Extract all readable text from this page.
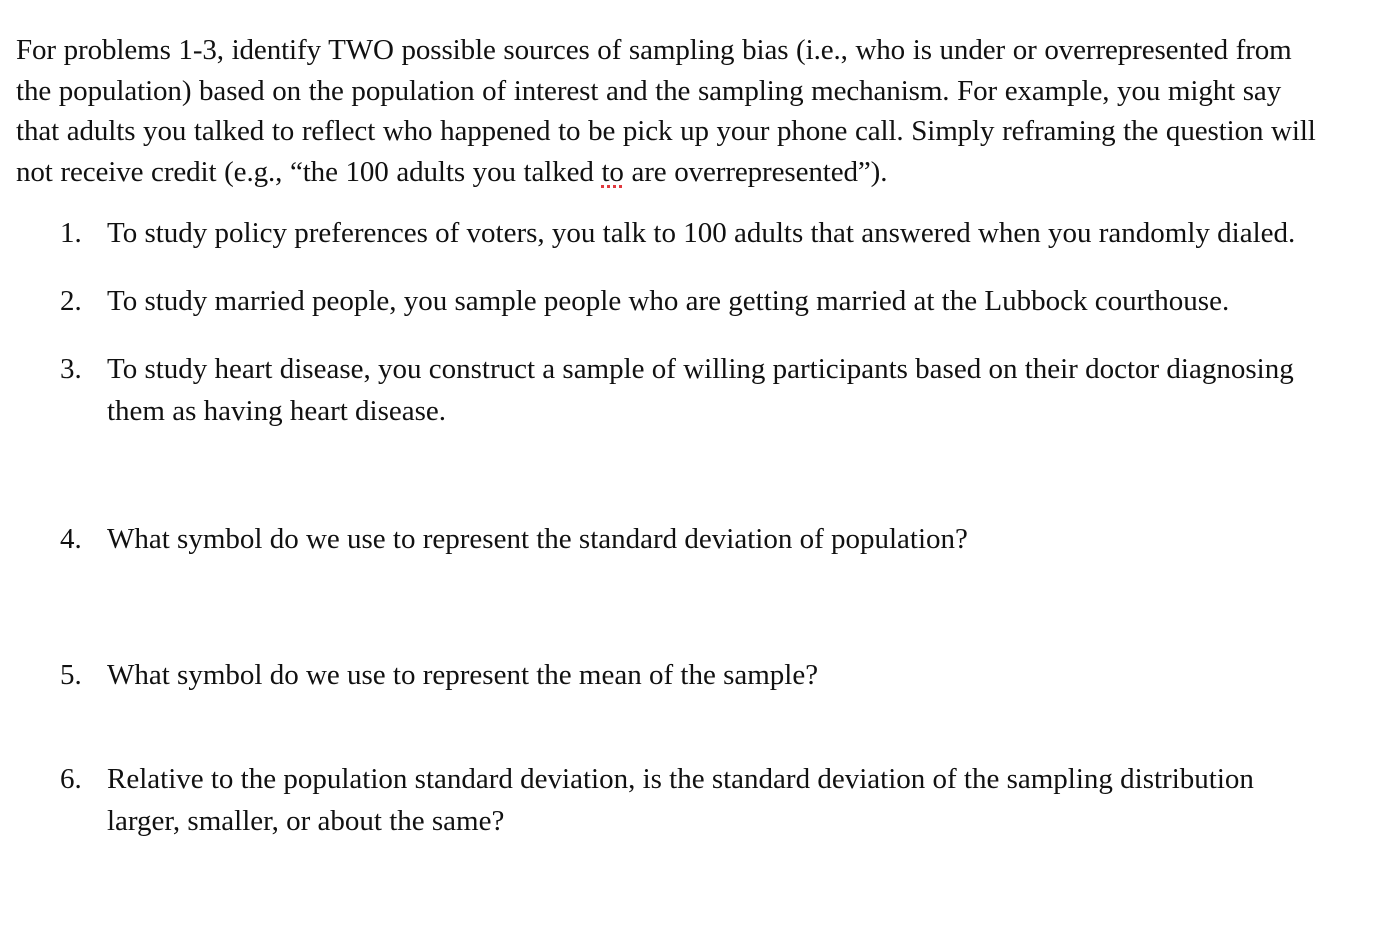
For problems 1-3, identify TWO possible sources of sampling bias (i.e., who is under or overrepresented from
the population) based on the population of interest and the sampling mechanism. For example, you might say
that adults you talked to reflect who happened to be pick up your phone call. Simply reframing the question will
not receive credit (e.g., “the 100 adults you talked to are overrepresented”).
1. To study policy preferences of voters, you talk to 100 adults that answered when you randomly dialed.
2. To study married people, you sample people who are getting married at the Lubbock courthouse.
3. To study heart disease, you construct a sample of willing participants based on their doctor diagnosing them as having heart disease.
4. What symbol do we use to represent the standard deviation of population?
5. What symbol do we use to represent the mean of the sample?
6. Relative to the population standard deviation, is the standard deviation of the sampling distribution larger, smaller, or about the same?
